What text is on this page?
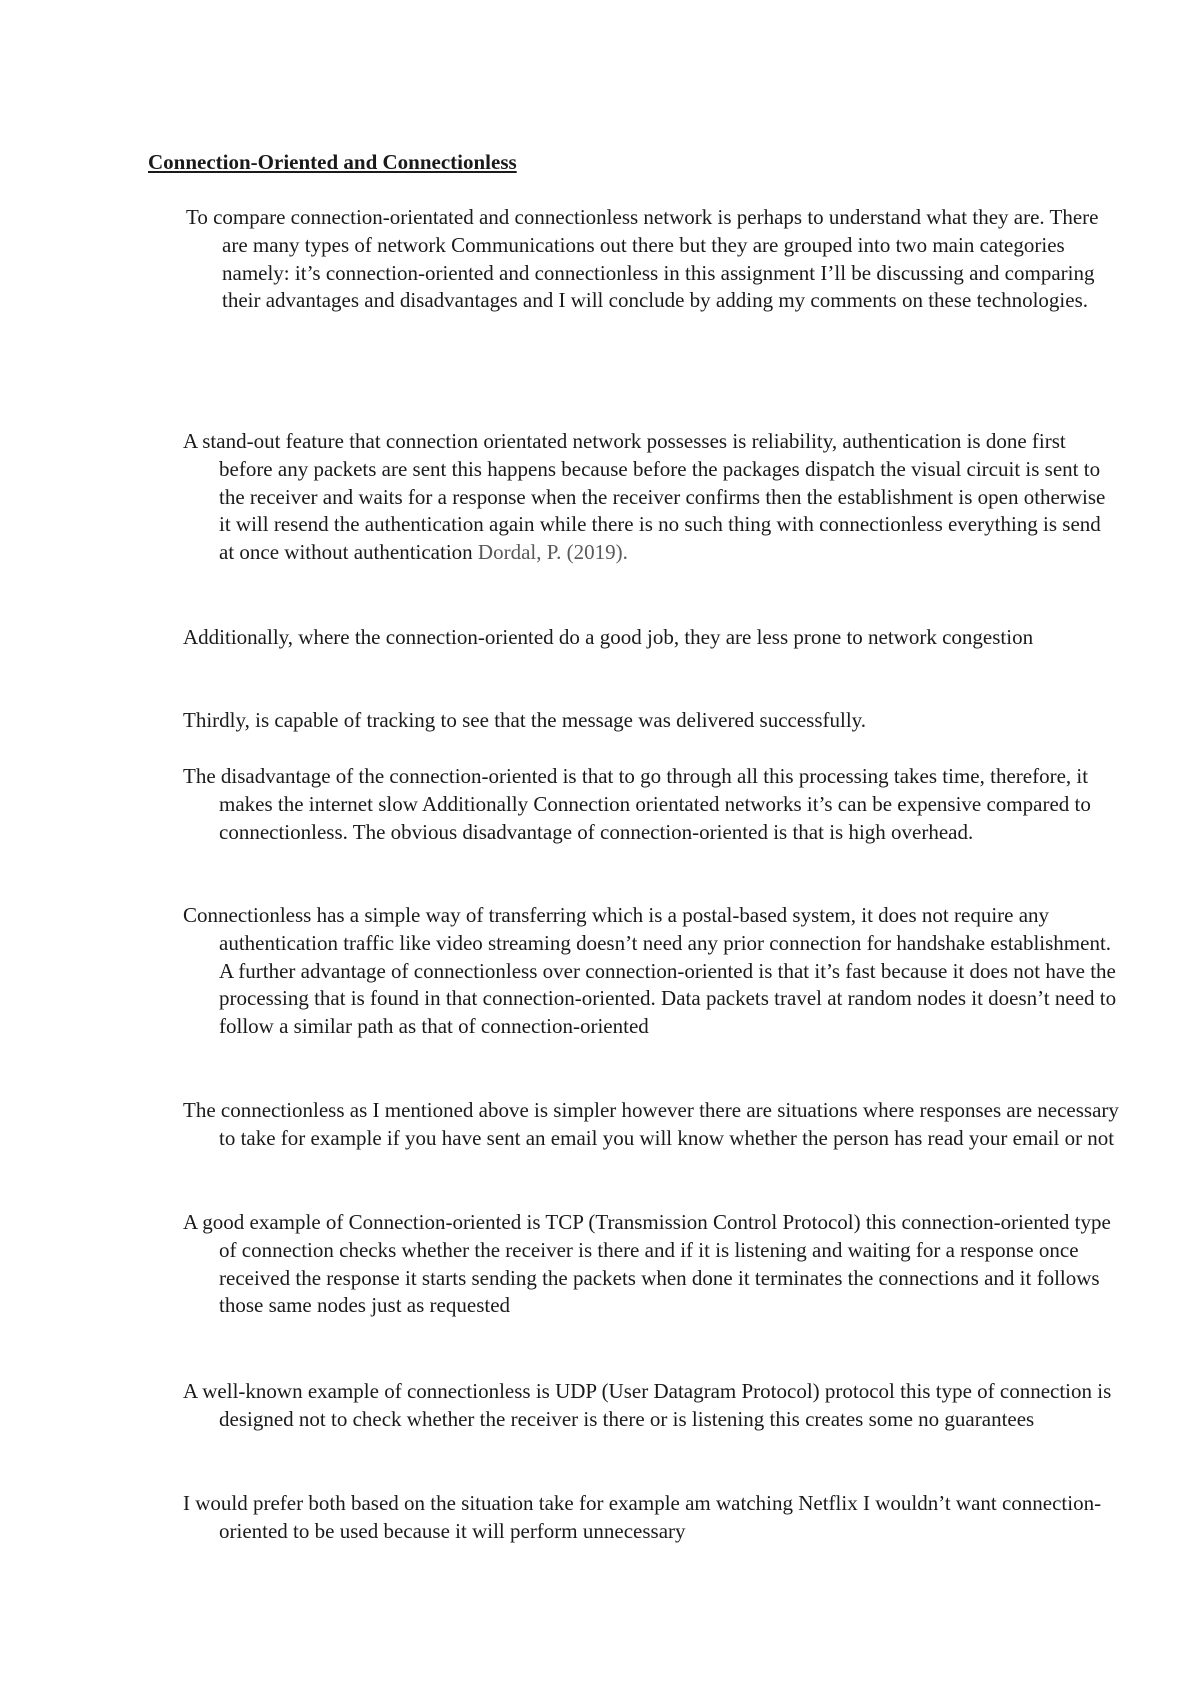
Connection-Oriented and Connectionless

To compare connection-orientated and connectionless network is perhaps to understand what they are. There are many types of network Communications out there but they are grouped into two main categories namely: it’s connection-oriented and connectionless in this assignment I’ll be discussing and comparing their advantages and disadvantages and I will conclude by adding my comments on these technologies.

A stand-out feature that connection orientated network possesses is reliability, authentication is done first before any packets are sent this happens because before the packages dispatch the visual circuit is sent to the receiver and waits for a response when the receiver confirms then the establishment is open otherwise it will resend the authentication again while there is no such thing with connectionless everything is send at once without authentication Dordal, P. (2019).

Additionally, where the connection-oriented do a good job, they are less prone to network congestion

Thirdly, is capable of tracking to see that the message was delivered successfully.

The disadvantage of the connection-oriented is that to go through all this processing takes time, therefore, it makes the internet slow Additionally Connection orientated networks it’s can be expensive compared to connectionless. The obvious disadvantage of connection-oriented is that is high overhead.

Connectionless has a simple way of transferring which is a postal-based system, it does not require any authentication traffic like video streaming doesn’t need any prior connection for handshake establishment. A further advantage of connectionless over connection-oriented is that it’s fast because it does not have the processing that is found in that connection-oriented. Data packets travel at random nodes it doesn’t need to follow a similar path as that of connection-oriented

The connectionless as I mentioned above is simpler however there are situations where responses are necessary to take for example if you have sent an email you will know whether the person has read your email or not

A good example of Connection-oriented is TCP (Transmission Control Protocol) this connection-oriented type of connection checks whether the receiver is there and if it is listening and waiting for a response once received the response it starts sending the packets when done it terminates the connections and it follows those same nodes just as requested

A well-known example of connectionless is UDP (User Datagram Protocol) protocol this type of connection is designed not to check whether the receiver is there or is listening this creates some no guarantees

I would prefer both based on the situation take for example am watching Netflix I wouldn’t want connection-oriented to be used because it will perform unnecessary
